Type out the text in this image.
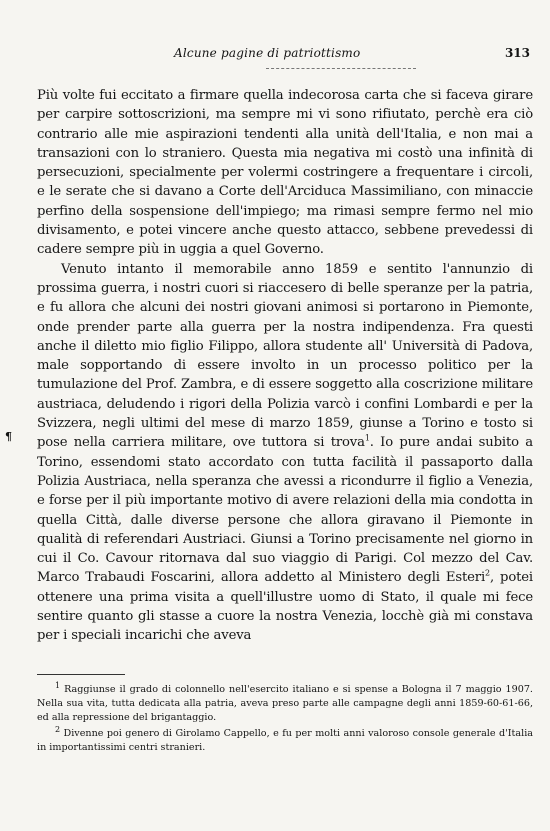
Alcune pagine di patriottismo	313
¶

Più volte fui eccitato a firmare quella indecorosa carta che si faceva girare per carpire sottoscrizioni, ma sempre mi vi sono rifiutato, perchè era ciò contrario alle mie aspirazioni tendenti alla unità dell'Italia, e non mai a transazioni con lo straniero. Questa mia negativa mi costò una infinità di persecuzioni, specialmente per volermi costringere a frequentare i circoli, e le serate che si davano a Corte dell'Arciduca Massimiliano, con minaccie perfino della sospensione dell'impiego; ma rimasi sempre fermo nel mio divisamento, e potei vincere anche questo attacco, sebbene prevedessi di cadere sempre più in uggia a quel Governo.

Venuto intanto il memorabile anno 1859 e sentito l'annunzio di prossima guerra, i nostri cuori si riaccesero di belle speranze per la patria, e fu allora che alcuni dei nostri giovani animosi si portarono in Piemonte, onde prender parte alla guerra per la nostra indipendenza. Fra questi anche il diletto mio figlio Filippo, allora studente all' Università di Padova, male sopportando di essere involto in un processo politico per la tumulazione del Prof. Zambra, e di essere soggetto alla coscrizione militare austriaca, deludendo i rigori della Polizia varcò i confini Lombardi e per la Svizzera, negli ultimi del mese di marzo 1859, giunse a Torino e tosto si pose nella carriera militare, ove tuttora si trova$^1$. Io pure andai subito a Torino, essendomi stato accordato con tutta facilità il passaporto dalla Polizia Austriaca, nella speranza che avessi a ricondurre il figlio a Venezia, e forse per il più importante motivo di avere relazioni della mia condotta in quella Città, dalle diverse persone che allora giravano il Piemonte in qualità di referendari Austriaci. Giunsi a Torino precisamente nel giorno in cui il Co. Cavour ritornava dal suo viaggio di Parigi. Col mezzo del Cav. Marco Trabaudi Foscarini, allora addetto al Ministero degli Esteri$^2$, potei ottenere una prima visita a quell'illustre uomo di Stato, il quale mi fece sentire quanto gli stasse a cuore la nostra Venezia, locchè già mi constava per i speciali incarichi che aveva

$^1$ Raggiunse il grado di colonnello nell'esercito italiano e si spense a Bologna il 7 maggio 1907. Nella sua vita, tutta dedicata alla patria, aveva preso parte alle campagne degli anni 1859-60-61-66, ed alla repressione del brigantaggio.

$^2$ Divenne poi genero di Girolamo Cappello, e fu per molti anni valoroso console generale d'Italia in importantissimi centri stranieri.
